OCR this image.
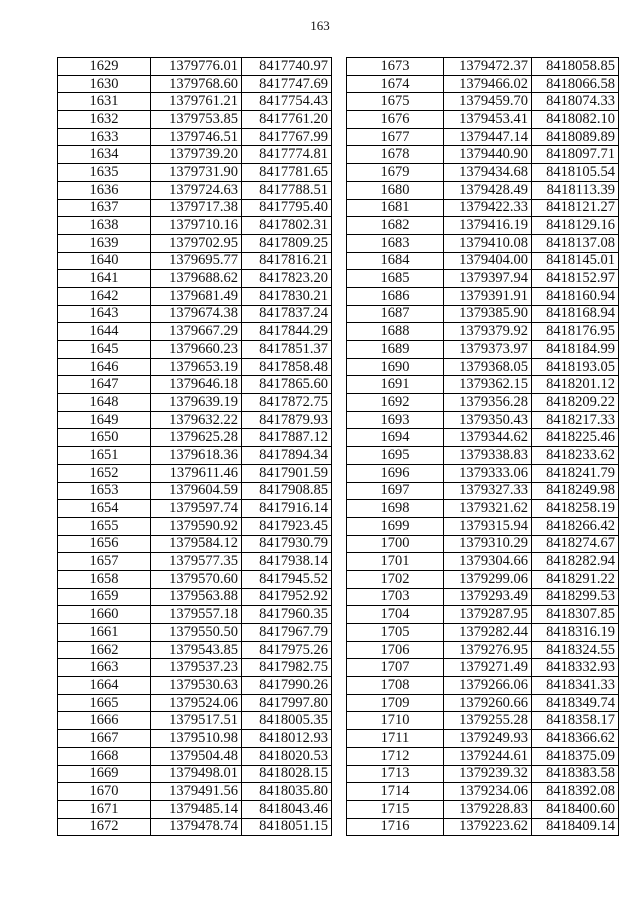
163
1629	1379776.01	8417740.97
1630	1379768.60	8417747.69
1631	1379761.21	8417754.43
1632	1379753.85	8417761.20
1633	1379746.51	8417767.99
1634	1379739.20	8417774.81
1635	1379731.90	8417781.65
1636	1379724.63	8417788.51
1637	1379717.38	8417795.40
1638	1379710.16	8417802.31
1639	1379702.95	8417809.25
1640	1379695.77	8417816.21
1641	1379688.62	8417823.20
1642	1379681.49	8417830.21
1643	1379674.38	8417837.24
1644	1379667.29	8417844.29
1645	1379660.23	8417851.37
1646	1379653.19	8417858.48
1647	1379646.18	8417865.60
1648	1379639.19	8417872.75
1649	1379632.22	8417879.93
1650	1379625.28	8417887.12
1651	1379618.36	8417894.34
1652	1379611.46	8417901.59
1653	1379604.59	8417908.85
1654	1379597.74	8417916.14
1655	1379590.92	8417923.45
1656	1379584.12	8417930.79
1657	1379577.35	8417938.14
1658	1379570.60	8417945.52
1659	1379563.88	8417952.92
1660	1379557.18	8417960.35
1661	1379550.50	8417967.79
1662	1379543.85	8417975.26
1663	1379537.23	8417982.75
1664	1379530.63	8417990.26
1665	1379524.06	8417997.80
1666	1379517.51	8418005.35
1667	1379510.98	8418012.93
1668	1379504.48	8418020.53
1669	1379498.01	8418028.15
1670	1379491.56	8418035.80
1671	1379485.14	8418043.46
1672	1379478.74	8418051.15
1673	1379472.37	8418058.85
1674	1379466.02	8418066.58
1675	1379459.70	8418074.33
1676	1379453.41	8418082.10
1677	1379447.14	8418089.89
1678	1379440.90	8418097.71
1679	1379434.68	8418105.54
1680	1379428.49	8418113.39
1681	1379422.33	8418121.27
1682	1379416.19	8418129.16
1683	1379410.08	8418137.08
1684	1379404.00	8418145.01
1685	1379397.94	8418152.97
1686	1379391.91	8418160.94
1687	1379385.90	8418168.94
1688	1379379.92	8418176.95
1689	1379373.97	8418184.99
1690	1379368.05	8418193.05
1691	1379362.15	8418201.12
1692	1379356.28	8418209.22
1693	1379350.43	8418217.33
1694	1379344.62	8418225.46
1695	1379338.83	8418233.62
1696	1379333.06	8418241.79
1697	1379327.33	8418249.98
1698	1379321.62	8418258.19
1699	1379315.94	8418266.42
1700	1379310.29	8418274.67
1701	1379304.66	8418282.94
1702	1379299.06	8418291.22
1703	1379293.49	8418299.53
1704	1379287.95	8418307.85
1705	1379282.44	8418316.19
1706	1379276.95	8418324.55
1707	1379271.49	8418332.93
1708	1379266.06	8418341.33
1709	1379260.66	8418349.74
1710	1379255.28	8418358.17
1711	1379249.93	8418366.62
1712	1379244.61	8418375.09
1713	1379239.32	8418383.58
1714	1379234.06	8418392.08
1715	1379228.83	8418400.60
1716	1379223.62	8418409.14
